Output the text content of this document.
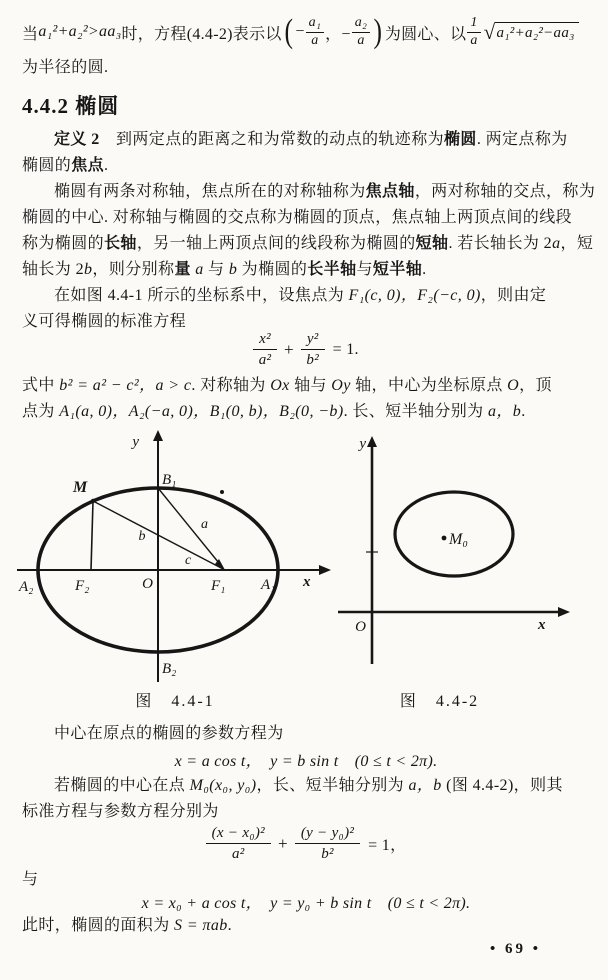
当 a₁²+a₂²>aa₃ 时，方程(4.4-2)表示以 ( − $\frac{\text{a₁}}{a}$ ，− $\frac{\text{a₂}}{a}$ ) 为圆心、以 $\frac{1}{a}$ √ a₁²+a₂²−aa₃
为半径的圆.
4.4.2 椭圆
定义 2　到两定点的距离之和为常数的动点的轨迹称为椭圆. 两定点称为
椭圆的焦点.
椭圆有两条对称轴，焦点所在的对称轴称为焦点轴，两对称轴的交点，称为
椭圆的中心. 对称轴与椭圆的交点称为椭圆的顶点，焦点轴上两顶点间的线段
称为椭圆的长轴，另一轴上两顶点间的线段称为椭圆的短轴. 若长轴长为 2a，短
轴长为 2b，则分别称量 a 与 b 为椭圆的长半轴与短半轴.
在如图 4.4-1 所示的坐标系中，设焦点为 F₁(c, 0)，F₂(−c, 0)，则由定
义可得椭圆的标准方程
x²
a²
+ $\frac{\text{y²}}{\text{b²}} = 1$.
式中 b² = a² − c²，a > c. 对称轴为 Ox 轴与 Oy 轴，中心为坐标原点 O，顶
点为 A₁(a, 0)，A₂(−a, 0)，B₁(0, b)，B₂(0, −b). 长、短半轴分别为 a，b.
y
x
O
B₁
B₂
A₁
A₂	F₁
F₂
M
a
b
c
y
x
O
M₀
图　4.4-1	图　4.4-2
中心在原点的椭圆的参数方程为
x = a cos t，　y = b sin t　(0 ≤ t < 2π).
若椭圆的中心在点 M₀(x₀, y₀)，长、短半轴分别为 a，b (图 4.4-2)，则其
标准方程与参数方程分别为
(x − x₀)²
a²
+ $\frac{\text{(y − y₀)²}}{\text{b²}} = 1$，
与
x = x₀ + a cos t，　y = y₀ + b sin t　(0 ≤ t < 2π).
此时，椭圆的面积为 S = πab.
• 69 •
